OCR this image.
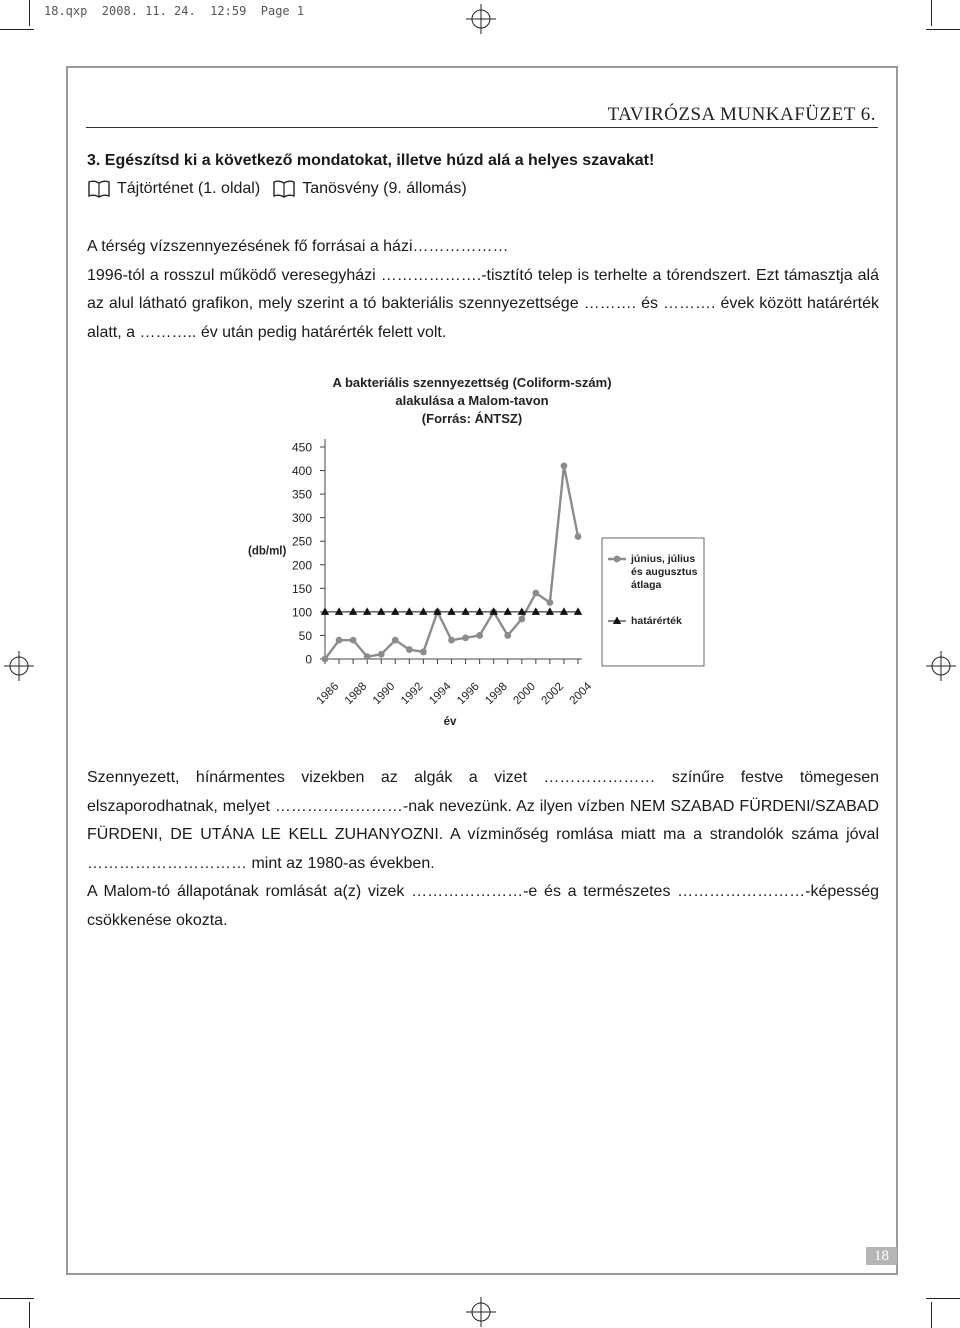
18.qxp  2008. 11. 24.  12:59  Page 1
TAVIRÓZSA MUNKAFÜZET 6.
3. Egészítsd ki a következő mondatokat, illetve húzd alá a helyes szavakat!
Tájtörténet (1. oldal)	Tanösvény (9. állomás)

A térség vízszennyezésének fő forrásai a házi………………

1996-tól a rosszul működő veresegyházi ……………….-tisztító telep is terhelte a tórendszert. Ezt támasztja alá az alul látható grafikon, mely szerint a tó bakteriális szennyezettsége ………. és ………. évek között határérték alatt, a ……….. év után pedig határérték felett volt.

A bakteriális szennyezettség (Coliform-szám)
alakulása a Malom-tavon
(Forrás: ÁNTSZ)
0
50
100
150
200
250
300
350
400
450
(db/ml)
1986 1988 1990 1992 1994 1996 1998 2000 2002 2004
év
június, július
és augusztus
átlaga
határérték

Szennyezett, hínármentes vizekben az algák a vizet ………………… színűre festve tömegesen elszaporodhatnak, melyet ……………………-nak nevezünk. Az ilyen vízben NEM SZABAD FÜRDENI/SZABAD FÜRDENI, DE UTÁNA LE KELL ZUHANYOZNI. A vízminőség romlása miatt ma a strandolók száma jóval ………………………… mint az 1980-as években.

A Malom-tó állapotának romlását a(z) vizek …………………-e és a természetes ……………………-képesség csökkenése okozta.

18
